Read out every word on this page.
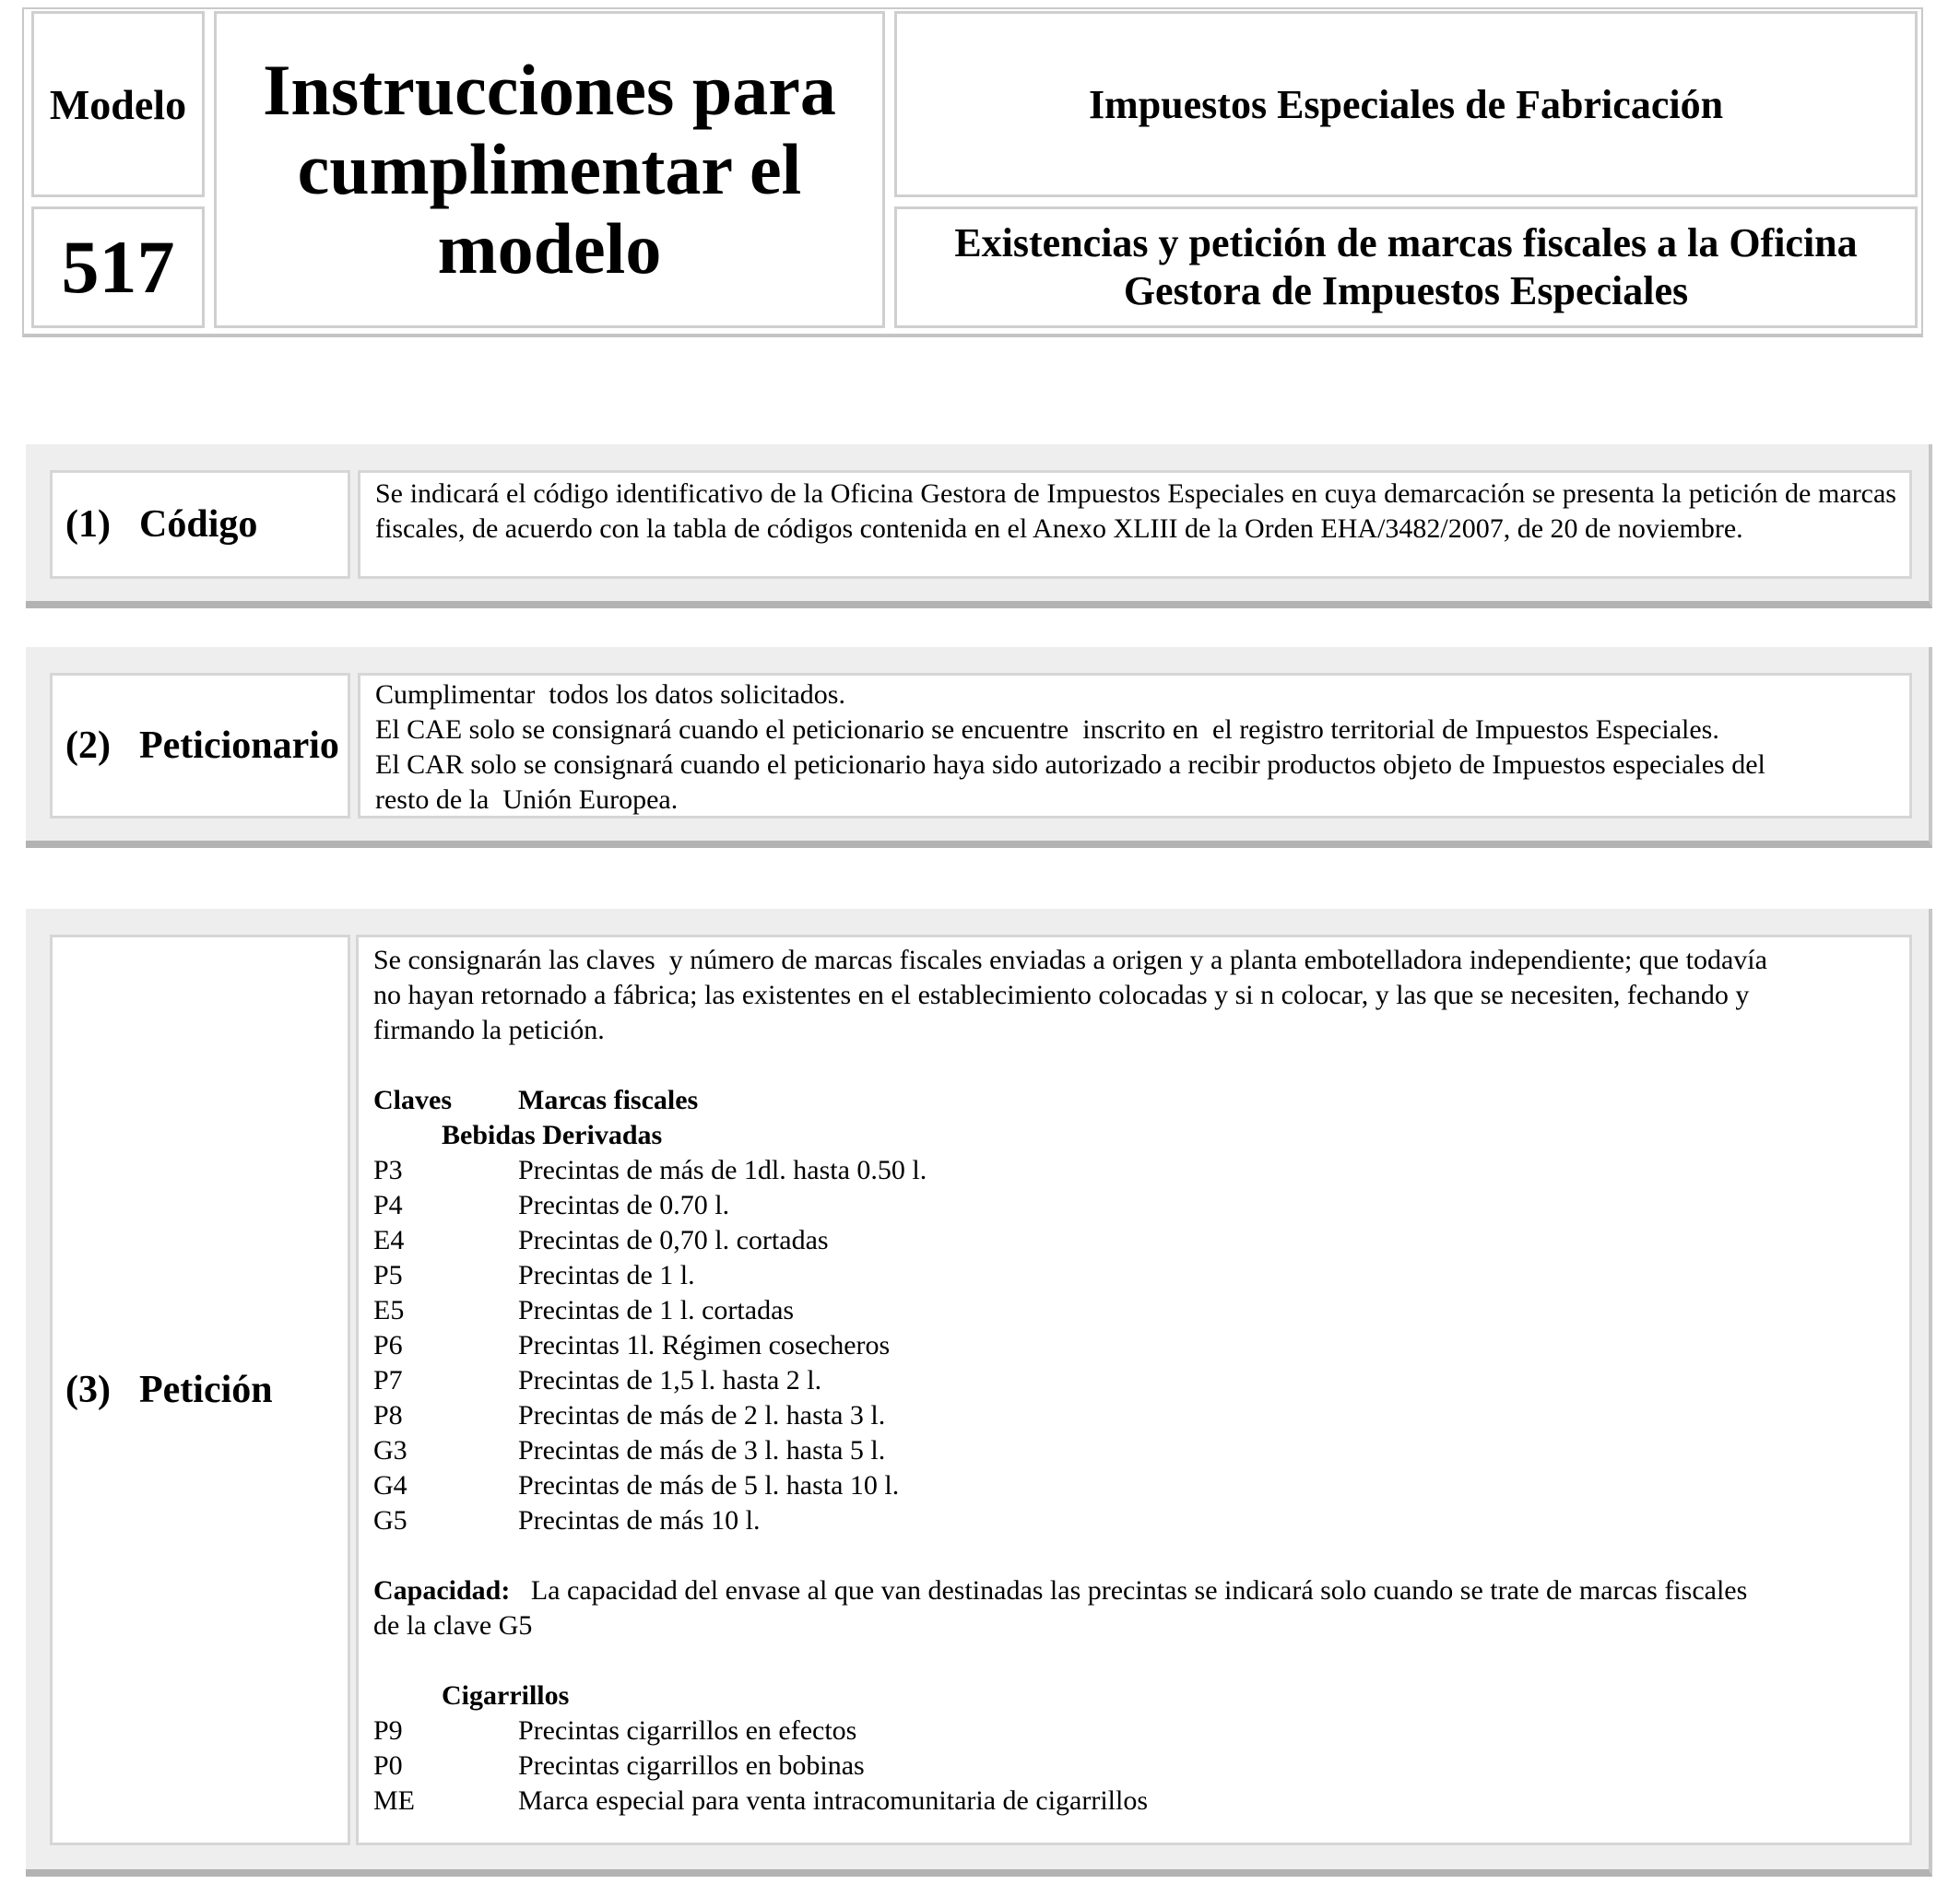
Modelo
517
Instrucciones para
cumplimentar el
modelo
Impuestos Especiales de Fabricación
Existencias y petición de marcas fiscales a la Oficina
Gestora de Impuestos Especiales
(1) Código
Se indicará el código identificativo de la Oficina Gestora de Impuestos Especiales en cuya demarcación se presenta la petición de marcas fiscales, de acuerdo con la tabla de códigos contenida en el Anexo XLIII de la Orden EHA/3482/2007, de 20 de noviembre.
(2) Peticionario
Cumplimentar  todos los datos solicitados.
El CAE solo se consignará cuando el peticionario se encuentre  inscrito en  el registro territorial de Impuestos Especiales.
El CAR solo se consignará cuando el peticionario haya sido autorizado a recibir productos objeto de Impuestos especiales del
resto de la  Unión Europea.
(3) Petición
Se consignarán las claves  y número de marcas fiscales enviadas a origen y a planta embotelladora independiente; que todavía
no hayan retornado a fábrica; las existentes en el establecimiento colocadas y si n colocar, y las que se necesiten, fechando y
firmando la petición.
Claves Marcas fiscales
Bebidas Derivadas
P3	Precintas de más de 1dl. hasta 0.50 l.
P4	Precintas de 0.70 l.
E4	Precintas de 0,70 l. cortadas
P5	Precintas de 1 l.
E5	Precintas de 1 l. cortadas
P6	Precintas 1l. Régimen cosecheros
P7	Precintas de 1,5 l. hasta 2 l.
P8	Precintas de más de 2 l. hasta 3 l.
G3	Precintas de más de 3 l. hasta 5 l.
G4	Precintas de más de 5 l. hasta 10 l.
G5	Precintas de más 10 l.
Capacidad:   La capacidad del envase al que van destinadas las precintas se indicará solo cuando se trate de marcas fiscales
de la clave G5
Cigarrillos
P9	Precintas cigarrillos en efectos
P0	Precintas cigarrillos en bobinas
ME	Marca especial para venta intracomunitaria de cigarrillos
